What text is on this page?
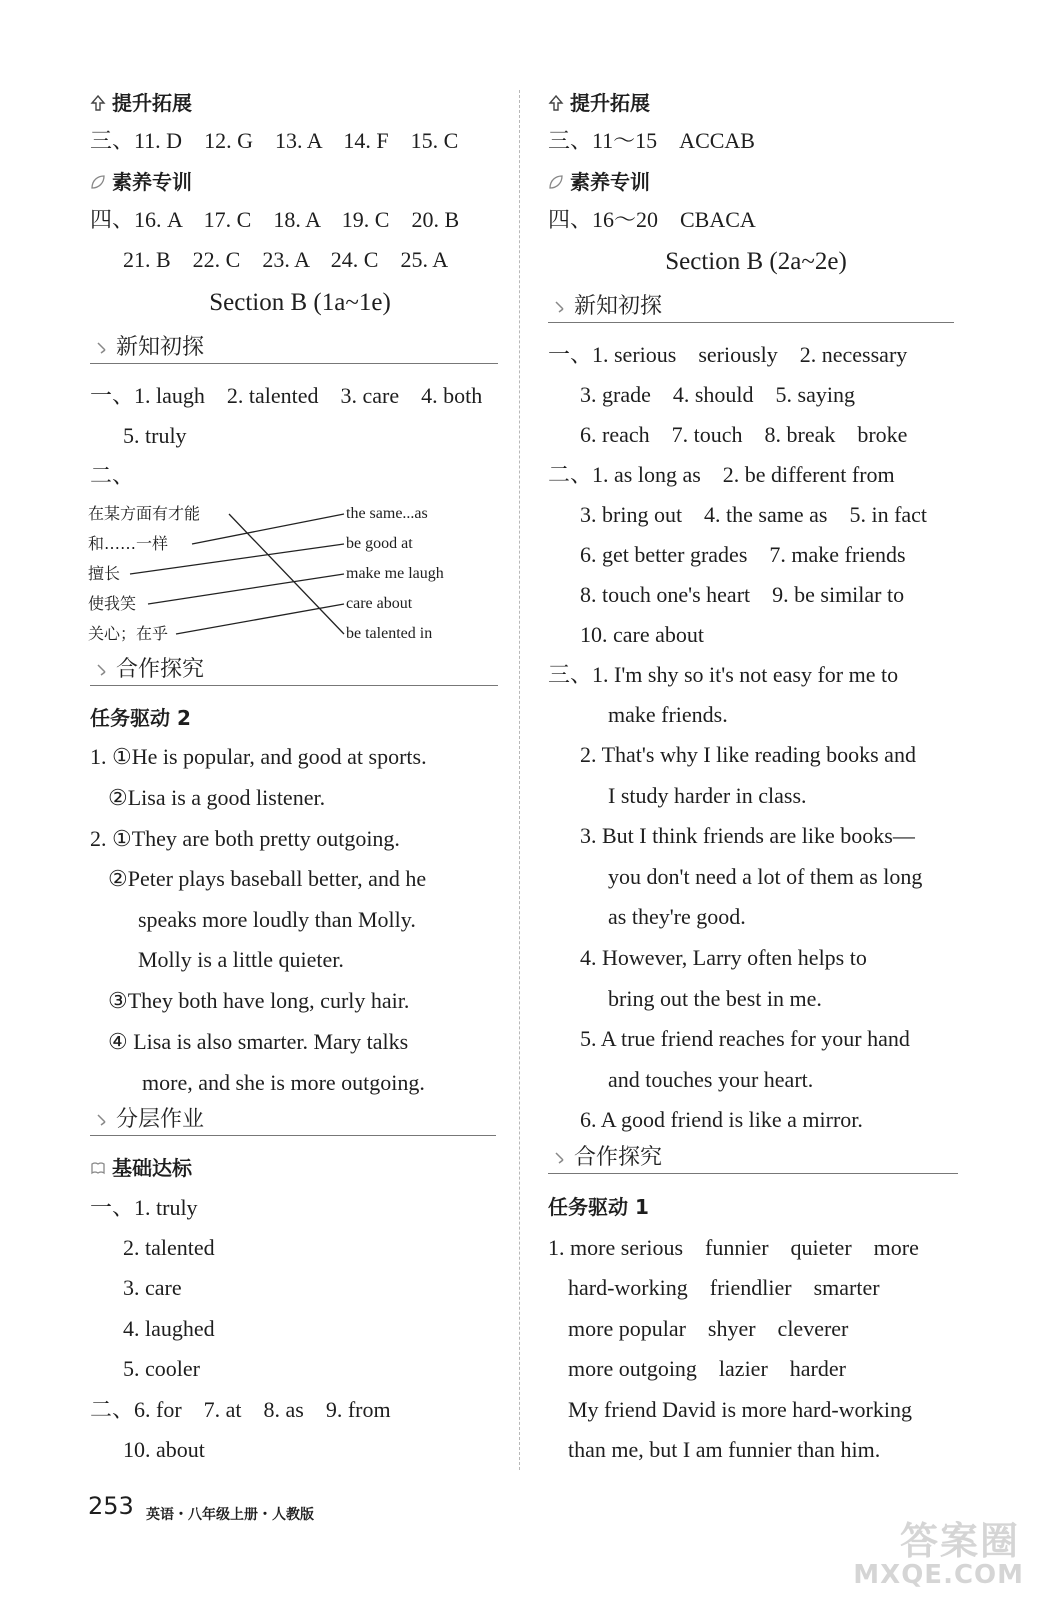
提升拓展
三、11. D　12. G　13. A　14. F　15. C
素养专训
四、16. A　17. C　18. A　19. C　20. B
21. B　22. C　23. A　24. C　25. A
Section B (1a~1e)
新知初探
一、1. laugh　2. talented　3. care　4. both
5. truly
二、
在某方面有才能
和……一样
擅长
使我笑
关心；在乎
the same...as
be good at
make me laugh
care about
be talented in
合作探究
任务驱动 2
1. ①He is popular, and good at sports.
②Lisa is a good listener.
2. ①They are both pretty outgoing.
②Peter plays baseball better, and he
speaks more loudly than Molly.
Molly is a little quieter.
③They both have long, curly hair.
④ Lisa is also smarter. Mary talks
more, and she is more outgoing.
分层作业
基础达标
一、1. truly
2. talented
3. care
4. laughed
5. cooler
二、6. for　7. at　8. as　9. from
10. about
提升拓展
三、11～15　ACCAB
素养专训
四、16～20　CBACA
Section B (2a~2e)
新知初探
一、1. serious　seriously　2. necessary
3. grade　4. should　5. saying
6. reach　7. touch　8. break　broke
二、1. as long as　2. be different from
3. bring out　4. the same as　5. in fact
6. get better grades　7. make friends
8. touch one's heart　9. be similar to
10. care about
三、1. I'm shy so it's not easy for me to
make friends.
2. That's why I like reading books and
I study harder in class.
3. But I think friends are like books—
you don't need a lot of them as long
as they're good.
4. However, Larry often helps to
bring out the best in me.
5. A true friend reaches for your hand
and touches your heart.
6. A good friend is like a mirror.
合作探究
任务驱动 1
1. more serious　funnier　quieter　more
hard-working　friendlier　smarter
more popular　shyer　cleverer
more outgoing　lazier　harder
My friend David is more hard-working
than me, but I am funnier than him.
253 英语・八年级上册・人教版
答案圈
MXQE.COM
